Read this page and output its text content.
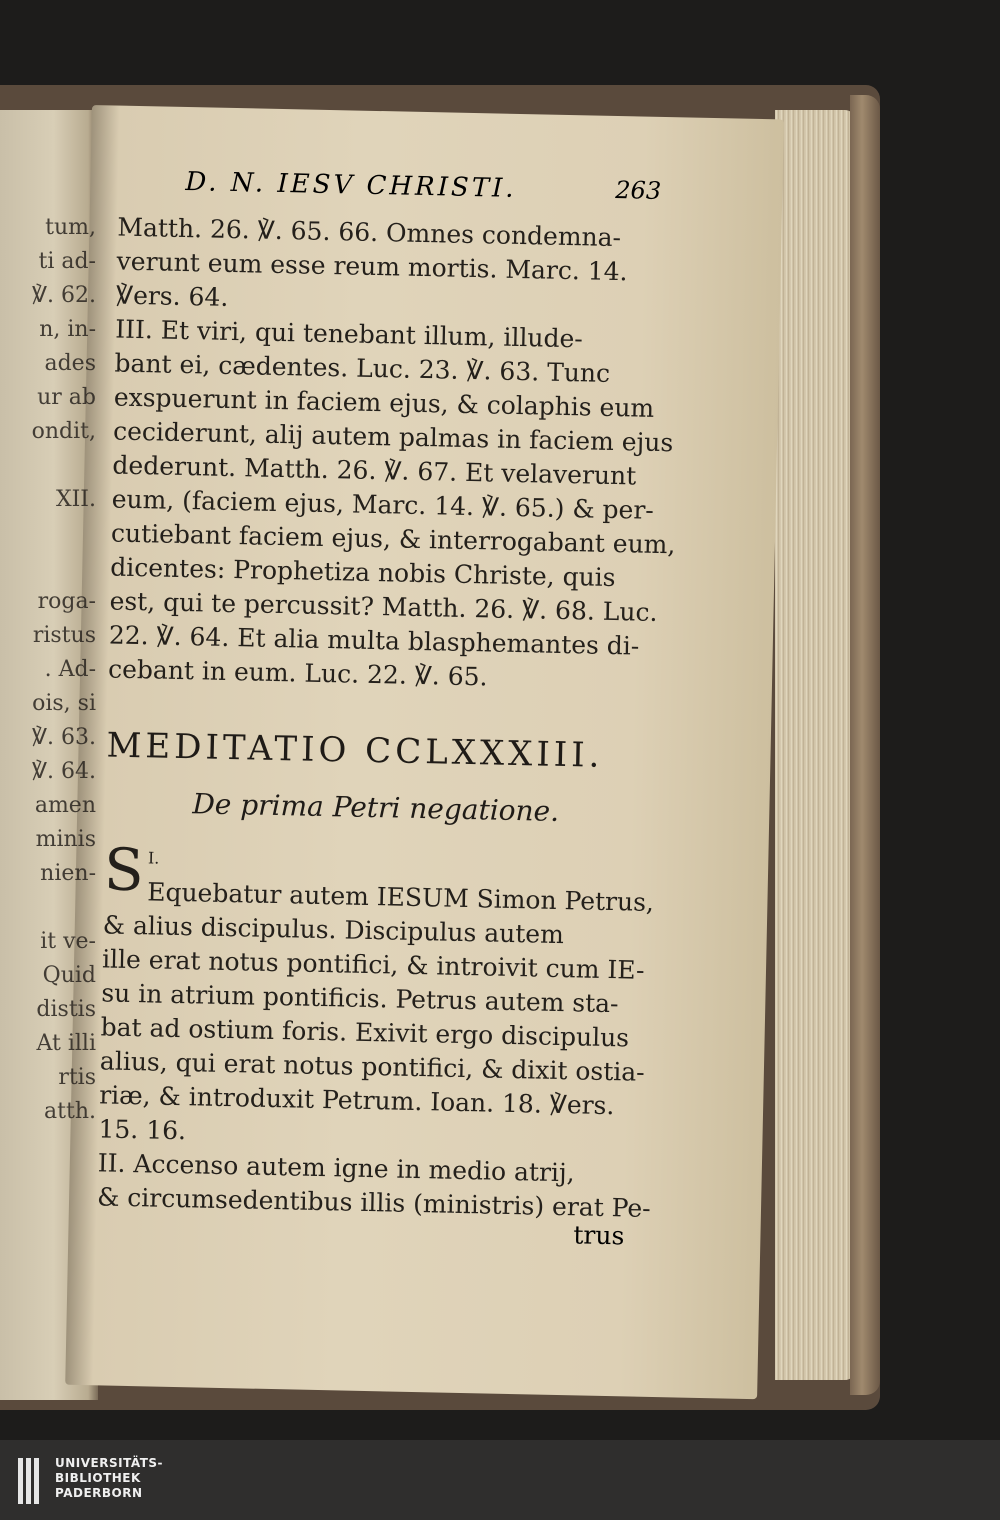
D. N. IESV CHRISTI.	263
Matth. 26. ℣. 65. 66. Omnes condemna-
verunt eum esse reum mortis. Marc. 14.
℣ers. 64.
III. Et viri, qui tenebant illum, illude-
bant ei, cædentes. Luc. 23. ℣. 63. Tunc
exspuerunt in faciem ejus, & colaphis eum
ceciderunt, alij autem palmas in faciem ejus
dederunt. Matth. 26. ℣. 67. Et velaverunt
eum, (faciem ejus, Marc. 14. ℣. 65.) & per-
cutiebant faciem ejus, & interrogabant eum,
dicentes: Prophetiza nobis Christe, quis
est, qui te percussit? Matth. 26. ℣. 68. Luc.
22. ℣. 64. Et alia multa blasphemantes di-
cebant in eum. Luc. 22. ℣. 65.
MEDITATIO CCLXXXIII.
De prima Petri negatione.
$^{I.}$
S Equebatur autem IESUM Simon Petrus,
& alius discipulus. Discipulus autem
ille erat notus pontifici, & introivit cum IE-
su in atrium pontificis. Petrus autem sta-
bat ad ostium foris. Exivit ergo discipulus
alius, qui erat notus pontifici, & dixit ostia-
riæ, & introduxit Petrum. Ioan. 18. ℣ers.
15. 16.
II. Accenso autem igne in medio atrij,
& circumsedentibus illis (ministris) erat Pe-
trus
tum,
ti ad-
℣. 62.
n, in-
ades
ur ab
ondit,
XII.
roga-
ristus
. Ad-
ois, si
℣. 63.
℣. 64.
amen
minis
nien-
it ve-
Quid
distis
At illi
rtis
atth.
UNIVERSITÄTS-
BIBLIOTHEK
PADERBORN
